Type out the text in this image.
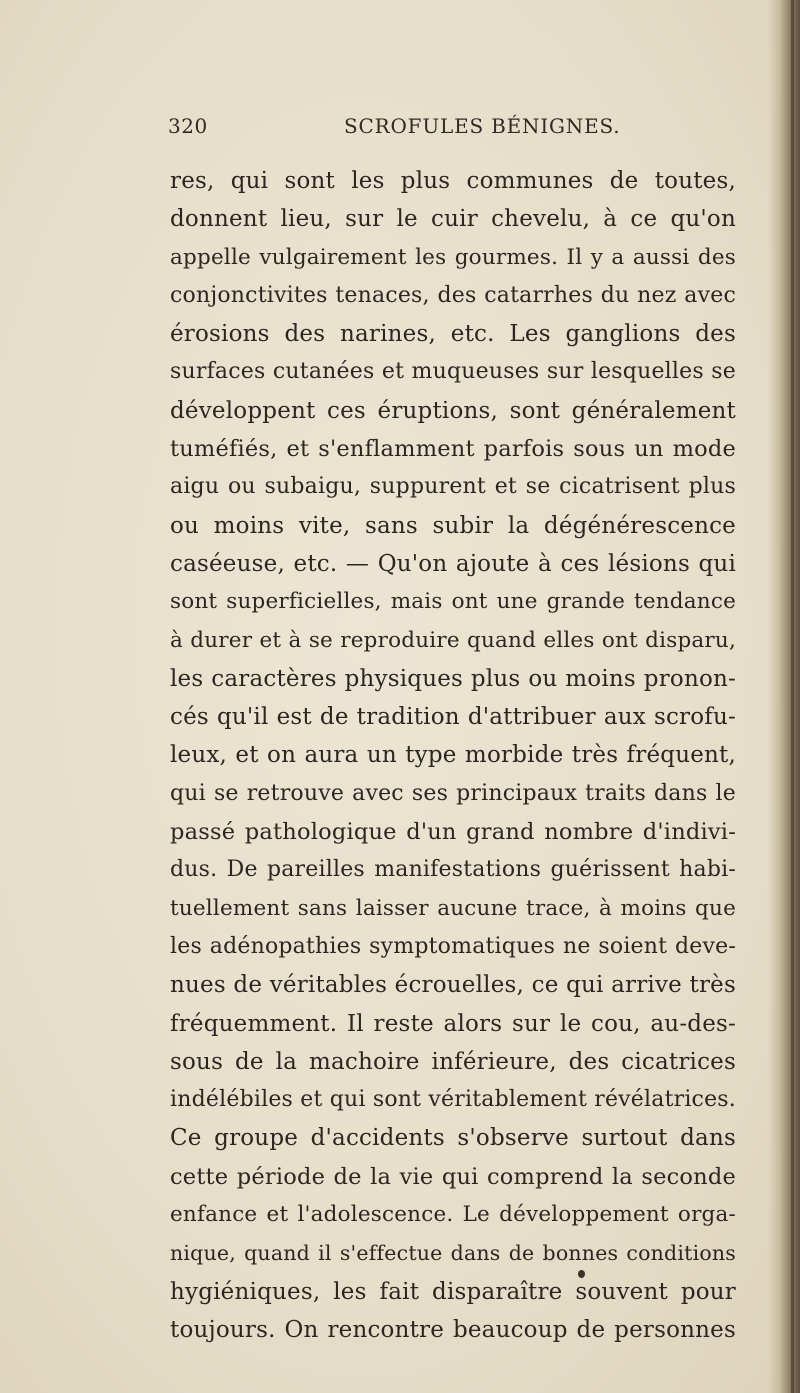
320	SCROFULES BÉNIGNES.
res, qui sont les plus communes de toutes,
donnent lieu, sur le cuir chevelu, à ce qu'on
appelle vulgairement les gourmes. Il y a aussi des
conjonctivites tenaces, des catarrhes du nez avec
érosions des narines, etc. Les ganglions des
surfaces cutanées et muqueuses sur lesquelles se
développent ces éruptions, sont généralement
tuméfiés, et s'enflamment parfois sous un mode
aigu ou subaigu, suppurent et se cicatrisent plus
ou moins vite, sans subir la dégénérescence
caséeuse, etc. — Qu'on ajoute à ces lésions qui
sont superficielles, mais ont une grande tendance
à durer et à se reproduire quand elles ont disparu,
les caractères physiques plus ou moins pronon-
cés qu'il est de tradition d'attribuer aux scrofu-
leux, et on aura un type morbide très fréquent,
qui se retrouve avec ses principaux traits dans le
passé pathologique d'un grand nombre d'indivi-
dus. De pareilles manifestations guérissent habi-
tuellement sans laisser aucune trace, à moins que
les adénopathies symptomatiques ne soient deve-
nues de véritables écrouelles, ce qui arrive très
fréquemment. Il reste alors sur le cou, au-des-
sous de la machoire inférieure, des cicatrices
indélébiles et qui sont véritablement révélatrices.
Ce groupe d'accidents s'observe surtout dans
cette période de la vie qui comprend la seconde
enfance et l'adolescence. Le développement orga-
nique, quand il s'effectue dans de bonnes conditions
hygiéniques, les fait disparaître souvent pour
toujours. On rencontre beaucoup de personnes
